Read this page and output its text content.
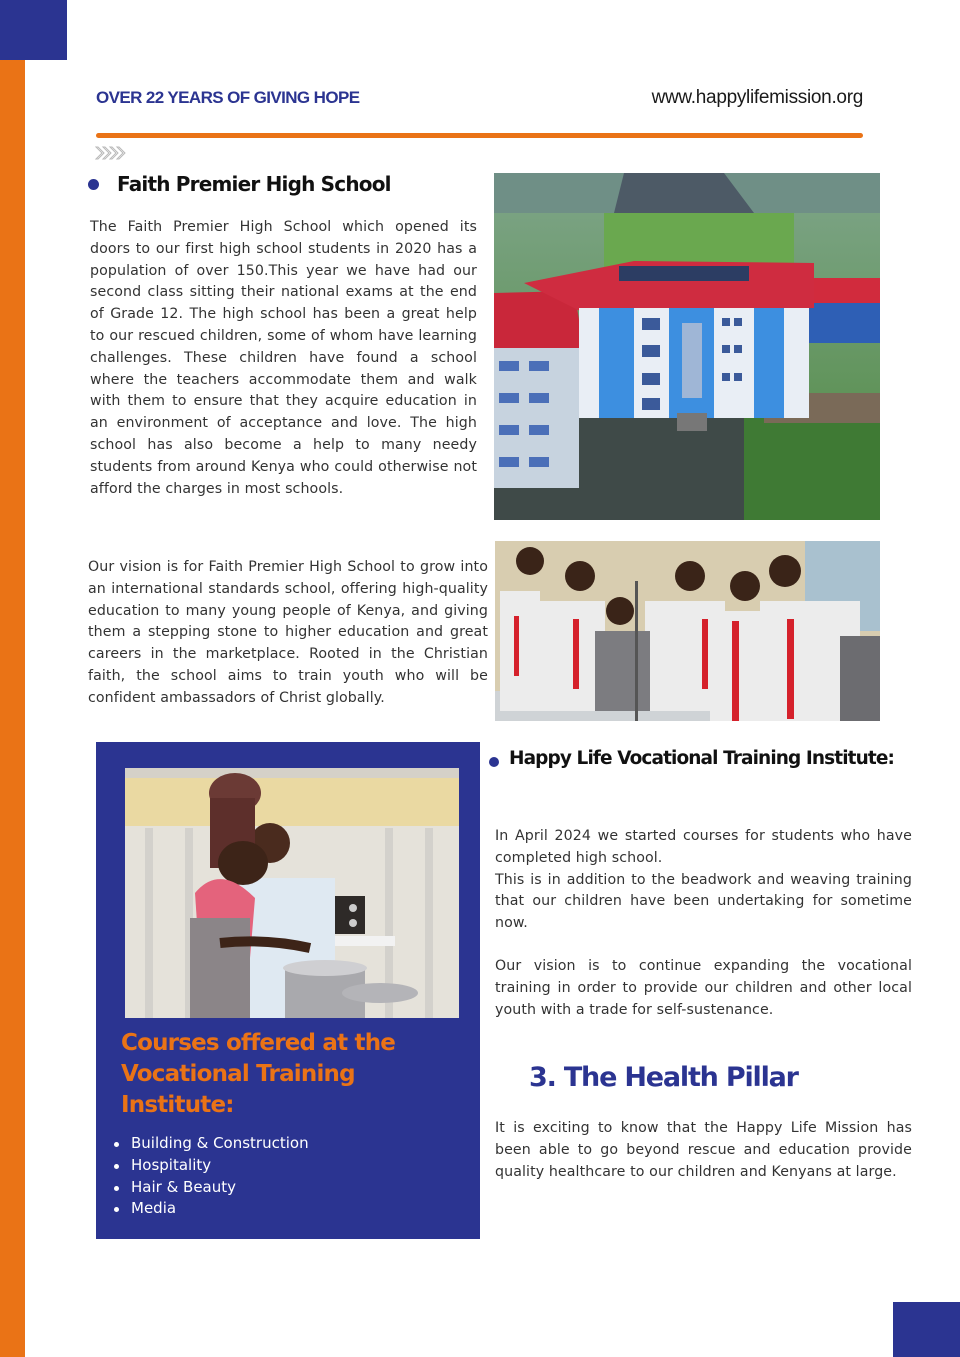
OVER 22 YEARS OF GIVING HOPE	www.happylifemission.org
Faith Premier High School
The Faith Premier High School which opened its doors to our first high school students in 2020 has a population of over 150.This year we have had our second class sitting their national exams at the end of Grade 12. The high school has been a great help to our rescued children, some of whom have learning challenges. These children have found a school where the teachers accommodate them and walk with them to ensure that they acquire education in an environment of acceptance and love. The high school has also become a help to many needy students from around Kenya who could otherwise not afford the charges in most schools.
Our vision is for Faith Premier High School to grow into an international standards school, offering high-quality education to many young people of Kenya, and giving them a stepping stone to higher education and great careers in the marketplace. Rooted in the Christian faith, the school aims to train youth who will be confident ambassadors of Christ globally.
Courses offered at the Vocational Training Institute:
Building & Construction
Hospitality
Hair & Beauty
Media
Happy Life Vocational Training Institute:
In April 2024 we started courses for students who have completed high school.
This is in addition to the beadwork and weaving training that our children have been undertaking for sometime now.
Our vision is to continue expanding the vocational training in order to provide our children and other local youth with a trade for self-sustenance.
3. The Health Pillar
It is exciting to know that the Happy Life Mission has been able to go beyond rescue and education provide quality healthcare to our children and Kenyans at large.
